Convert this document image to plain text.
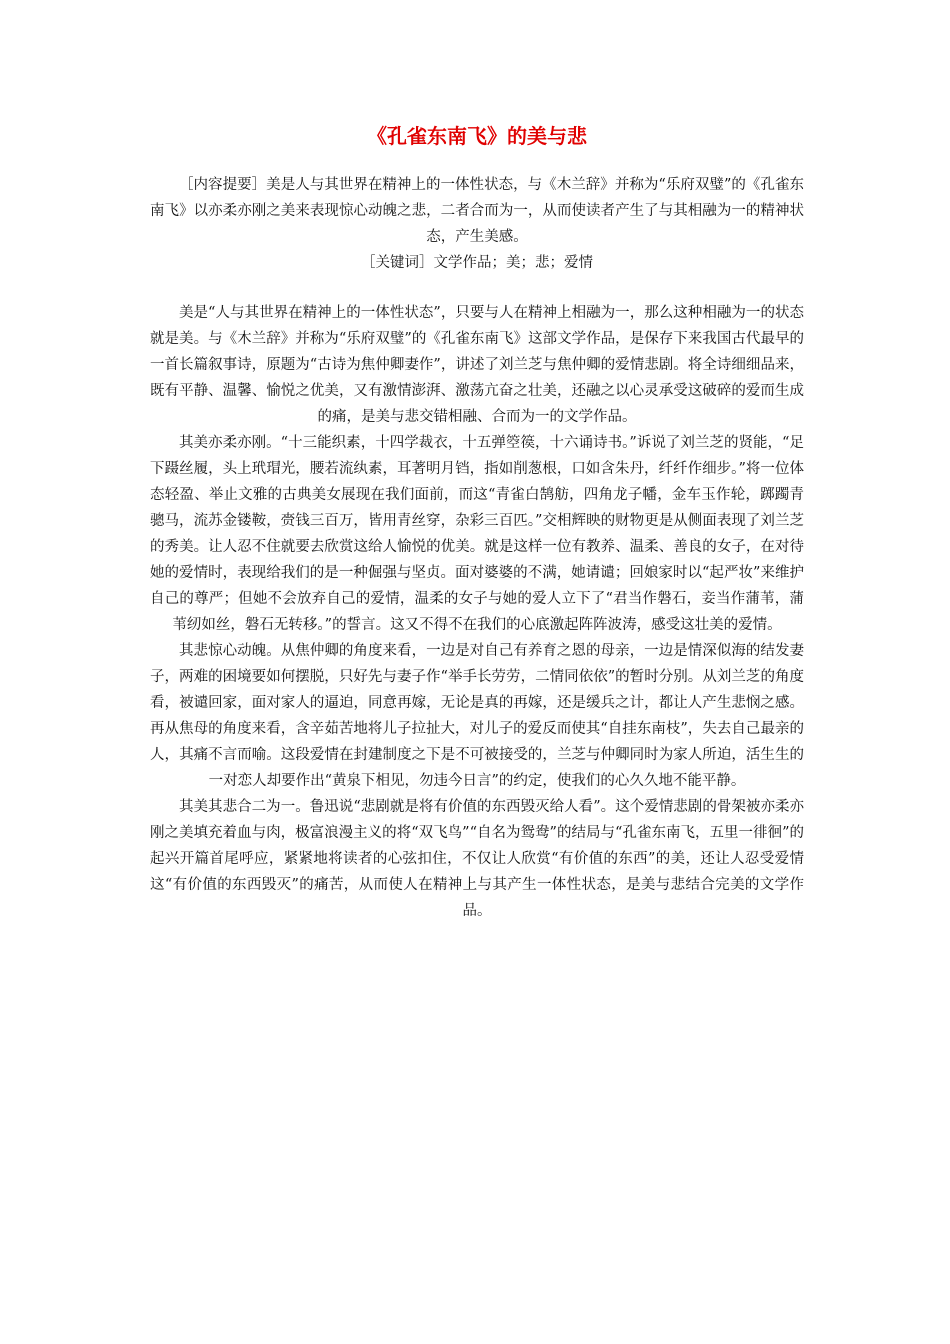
《孔雀东南飞》的美与悲
［内容提要］美是人与其世界在精神上的一体性状态，与《木兰辞》并称为“乐府双璧”的《孔雀东南飞》以亦柔亦刚之美来表现惊心动魄之悲，二者合而为一，从而使读者产生了与其相融为一的精神状态，产生美感。
［关键词］文学作品；美；悲；爱情

美是“人与其世界在精神上的一体性状态”，只要与人在精神上相融为一，那么这种相融为一的状态就是美。与《木兰辞》并称为“乐府双璧”的《孔雀东南飞》这部文学作品，是保存下来我国古代最早的一首长篇叙事诗，原题为“古诗为焦仲卿妻作”，讲述了刘兰芝与焦仲卿的爱情悲剧。将全诗细细品来，既有平静、温馨、愉悦之优美，又有激情澎湃、激荡亢奋之壮美，还融之以心灵承受这破碎的爱而生成的痛，是美与悲交错相融、合而为一的文学作品。

其美亦柔亦刚。“十三能织素，十四学裁衣，十五弹箜篌，十六诵诗书。”诉说了刘兰芝的贤能，“足下蹑丝履，头上玳瑁光，腰若流纨素，耳著明月铛，指如削葱根，口如含朱丹，纤纤作细步。”将一位体态轻盈、举止文雅的古典美女展现在我们面前，而这“青雀白鹄舫，四角龙子幡，金车玉作轮，踯躅青骢马，流苏金镂鞍，赍钱三百万，皆用青丝穿，杂彩三百匹。”交相辉映的财物更是从侧面表现了刘兰芝的秀美。让人忍不住就要去欣赏这给人愉悦的优美。就是这样一位有教养、温柔、善良的女子，在对待她的爱情时，表现给我们的是一种倔强与坚贞。面对婆婆的不满，她请谴；回娘家时以“起严妆”来维护自己的尊严；但她不会放弃自己的爱情，温柔的女子与她的爱人立下了“君当作磐石，妾当作蒲苇，蒲苇纫如丝，磐石无转移。”的誓言。这又不得不在我们的心底激起阵阵波涛，感受这壮美的爱情。

其悲惊心动魄。从焦仲卿的角度来看，一边是对自己有养育之恩的母亲，一边是情深似海的结发妻子，两难的困境要如何摆脱，只好先与妻子作“举手长劳劳，二情同依依”的暂时分别。从刘兰芝的角度看，被谴回家，面对家人的逼迫，同意再嫁，无论是真的再嫁，还是缓兵之计，都让人产生悲悯之感。再从焦母的角度来看，含辛茹苦地将儿子拉扯大，对儿子的爱反而使其“自挂东南枝”，失去自己最亲的人，其痛不言而喻。这段爱情在封建制度之下是不可被接受的，兰芝与仲卿同时为家人所迫，活生生的一对恋人却要作出“黄泉下相见，勿违今日言”的约定，使我们的心久久地不能平静。

其美其悲合二为一。鲁迅说“悲剧就是将有价值的东西毁灭给人看”。这个爱情悲剧的骨架被亦柔亦刚之美填充着血与肉，极富浪漫主义的将“双飞鸟”“自名为鸳鸯”的结局与“孔雀东南飞，五里一徘徊”的起兴开篇首尾呼应，紧紧地将读者的心弦扣住，不仅让人欣赏“有价值的东西”的美，还让人忍受爱情这“有价值的东西毁灭”的痛苦，从而使人在精神上与其产生一体性状态，是美与悲结合完美的文学作品。
